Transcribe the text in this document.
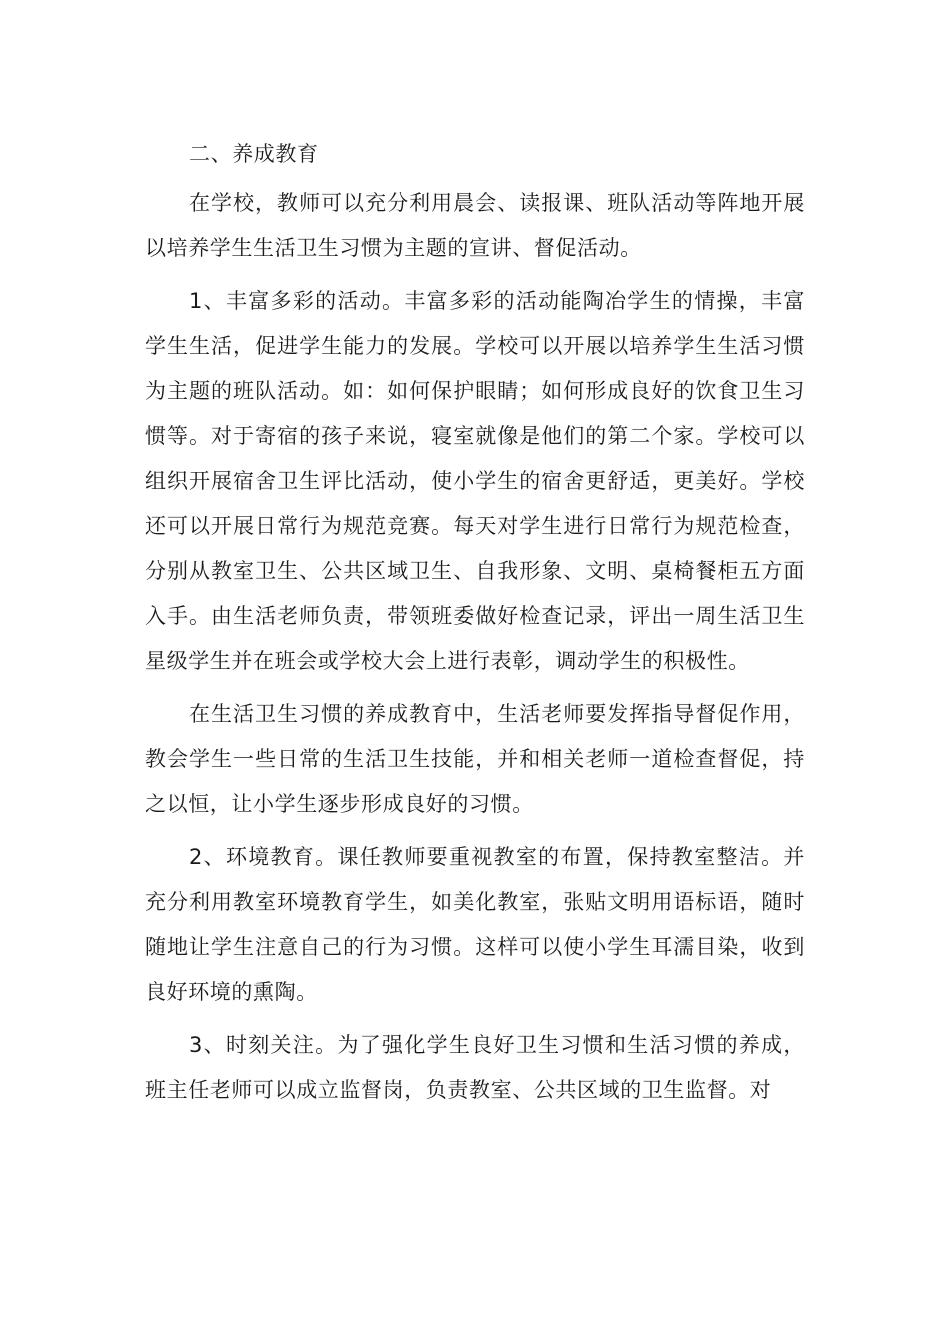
二、养成教育

在学校，教师可以充分利用晨会、读报课、班队活动等阵地开展以培养学生生活卫生习惯为主题的宣讲、督促活动。

1、丰富多彩的活动。丰富多彩的活动能陶冶学生的情操，丰富学生生活，促进学生能力的发展。学校可以开展以培养学生生活习惯为主题的班队活动。如：如何保护眼睛；如何形成良好的饮食卫生习惯等。对于寄宿的孩子来说，寝室就像是他们的第二个家。学校可以组织开展宿舍卫生评比活动，使小学生的宿舍更舒适，更美好。学校还可以开展日常行为规范竞赛。每天对学生进行日常行为规范检查，分别从教室卫生、公共区域卫生、自我形象、文明、桌椅餐柜五方面入手。由生活老师负责，带领班委做好检查记录，评出一周生活卫生星级学生并在班会或学校大会上进行表彰，调动学生的积极性。

在生活卫生习惯的养成教育中，生活老师要发挥指导督促作用，教会学生一些日常的生活卫生技能，并和相关老师一道检查督促，持之以恒，让小学生逐步形成良好的习惯。

2、环境教育。课任教师要重视教室的布置，保持教室整洁。并充分利用教室环境教育学生，如美化教室，张贴文明用语标语，随时随地让学生注意自己的行为习惯。这样可以使小学生耳濡目染，收到良好环境的熏陶。

3、时刻关注。为了强化学生良好卫生习惯和生活习惯的养成，班主任老师可以成立监督岗，负责教室、公共区域的卫生监督。对
